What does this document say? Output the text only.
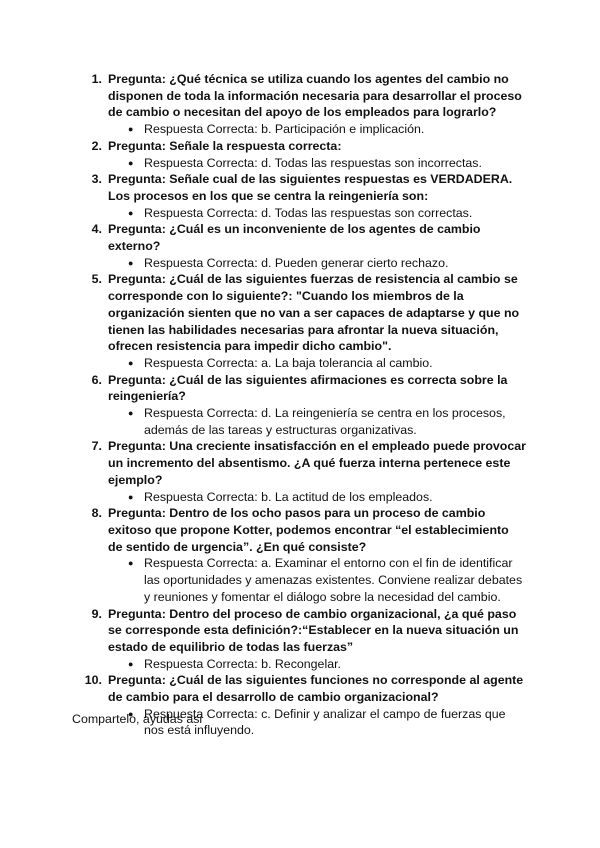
1. Pregunta: ¿Qué técnica se utiliza cuando los agentes del cambio no disponen de toda la información necesaria para desarrollar el proceso de cambio o necesitan del apoyo de los empleados para lograrlo?
● Respuesta Correcta: b. Participación e implicación.
2. Pregunta: Señale la respuesta correcta:
● Respuesta Correcta: d. Todas las respuestas son incorrectas.
3. Pregunta: Señale cual de las siguientes respuestas es VERDADERA. Los procesos en los que se centra la reingeniería son:
● Respuesta Correcta: d. Todas las respuestas son correctas.
4. Pregunta: ¿Cuál es un inconveniente de los agentes de cambio externo?
● Respuesta Correcta: d. Pueden generar cierto rechazo.
5. Pregunta: ¿Cuál de las siguientes fuerzas de resistencia al cambio se corresponde con lo siguiente?: "Cuando los miembros de la organización sienten que no van a ser capaces de adaptarse y que no tienen las habilidades necesarias para afrontar la nueva situación, ofrecen resistencia para impedir dicho cambio".
● Respuesta Correcta: a. La baja tolerancia al cambio.
6. Pregunta: ¿Cuál de las siguientes afirmaciones es correcta sobre la reingeniería?
● Respuesta Correcta: d. La reingeniería se centra en los procesos, además de las tareas y estructuras organizativas.
7. Pregunta: Una creciente insatisfacción en el empleado puede provocar un incremento del absentismo. ¿A qué fuerza interna pertenece este ejemplo?
● Respuesta Correcta: b. La actitud de los empleados.
8. Pregunta: Dentro de los ocho pasos para un proceso de cambio exitoso que propone Kotter, podemos encontrar “el establecimiento de sentido de urgencia”. ¿En qué consiste?
● Respuesta Correcta: a. Examinar el entorno con el fin de identificar las oportunidades y amenazas existentes. Conviene realizar debates y reuniones y fomentar el diálogo sobre la necesidad del cambio.
9. Pregunta: Dentro del proceso de cambio organizacional, ¿a qué paso se corresponde esta definición?:“Establecer en la nueva situación un estado de equilibrio de todas las fuerzas”
● Respuesta Correcta: b. Recongelar.
10. Pregunta: ¿Cuál de las siguientes funciones no corresponde al agente de cambio para el desarrollo de cambio organizacional?
● Respuesta Correcta: c. Definir y analizar el campo de fuerzas que nos está influyendo.
Compartelo, ayudas asi
